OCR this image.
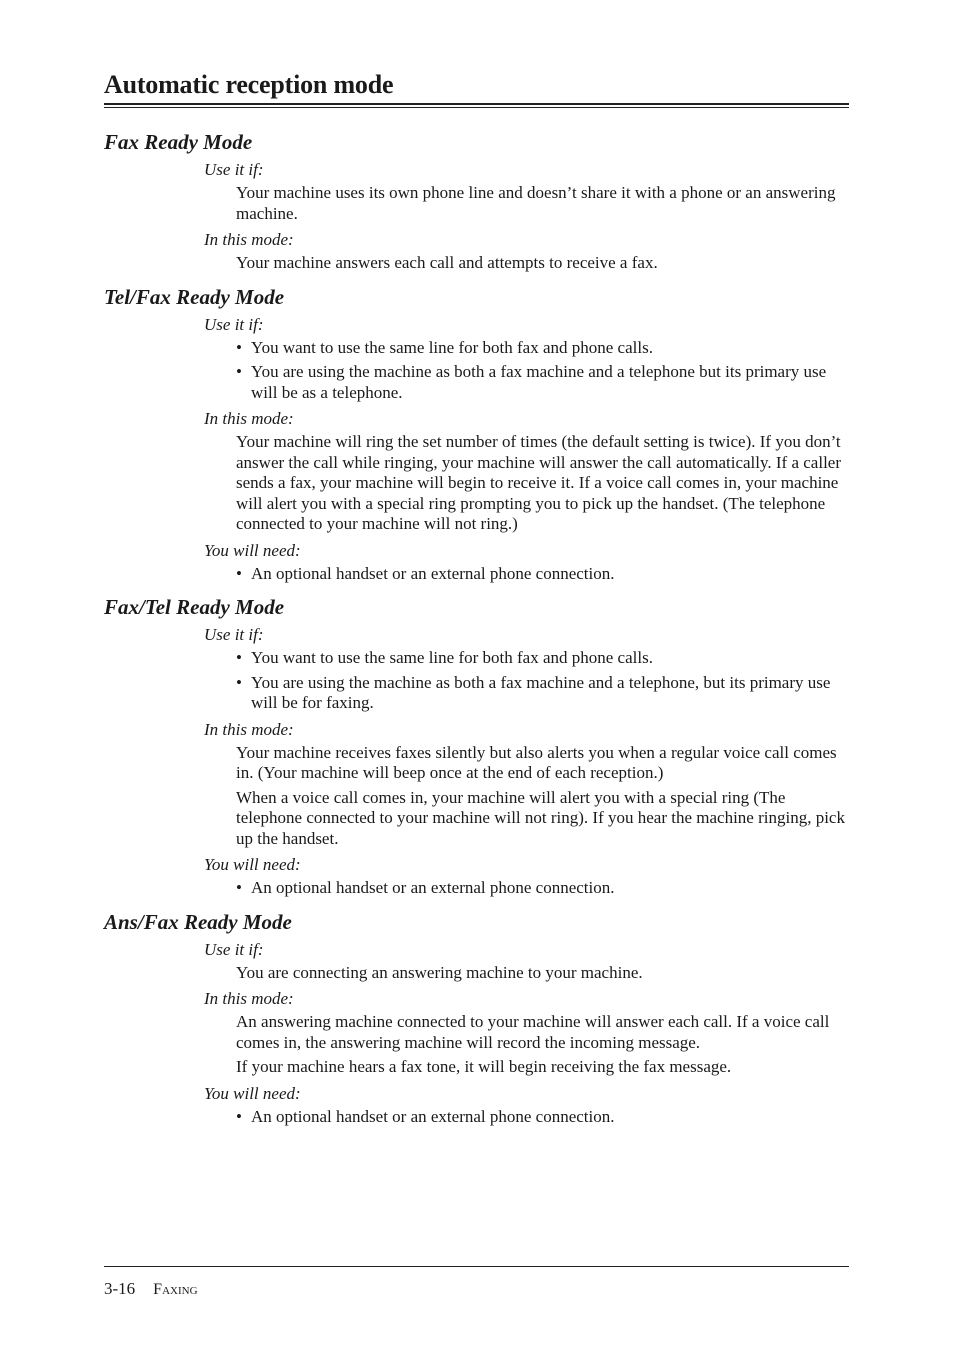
Automatic reception mode
Fax Ready Mode
Use it if:

Your machine uses its own phone line and doesn’t share it with a phone or an answering machine.

In this mode:

Your machine answers each call and attempts to receive a fax.

Tel/Fax Ready Mode
Use it if:
• You want to use the same line for both fax and phone calls.
• You are using the machine as both a fax machine and a telephone but its primary use will be as a telephone.
In this mode:

Your machine will ring the set number of times (the default setting is twice). If you don’t answer the call while ringing, your machine will answer the call automatically. If a caller sends a fax, your machine will begin to receive it. If a voice call comes in, your machine will alert you with a special ring prompting you to pick up the handset. (The telephone connected to your machine will not ring.)

You will need:
• An optional handset or an external phone connection.
Fax/Tel Ready Mode
Use it if:
• You want to use the same line for both fax and phone calls.
• You are using the machine as both a fax machine and a telephone, but its primary use will be for faxing.
In this mode:

Your machine receives faxes silently but also alerts you when a regular voice call comes in. (Your machine will beep once at the end of each reception.)

When a voice call comes in, your machine will alert you with a special ring (The telephone connected to your machine will not ring). If you hear the machine ringing, pick up the handset.

You will need:
• An optional handset or an external phone connection.
Ans/Fax Ready Mode
Use it if:

You are connecting an answering machine to your machine.

In this mode:

An answering machine connected to your machine will answer each call. If a voice call comes in, the answering machine will record the incoming message.

If your machine hears a fax tone, it will begin receiving the fax message.

You will need:
• An optional handset or an external phone connection.
3-16 Faxing
